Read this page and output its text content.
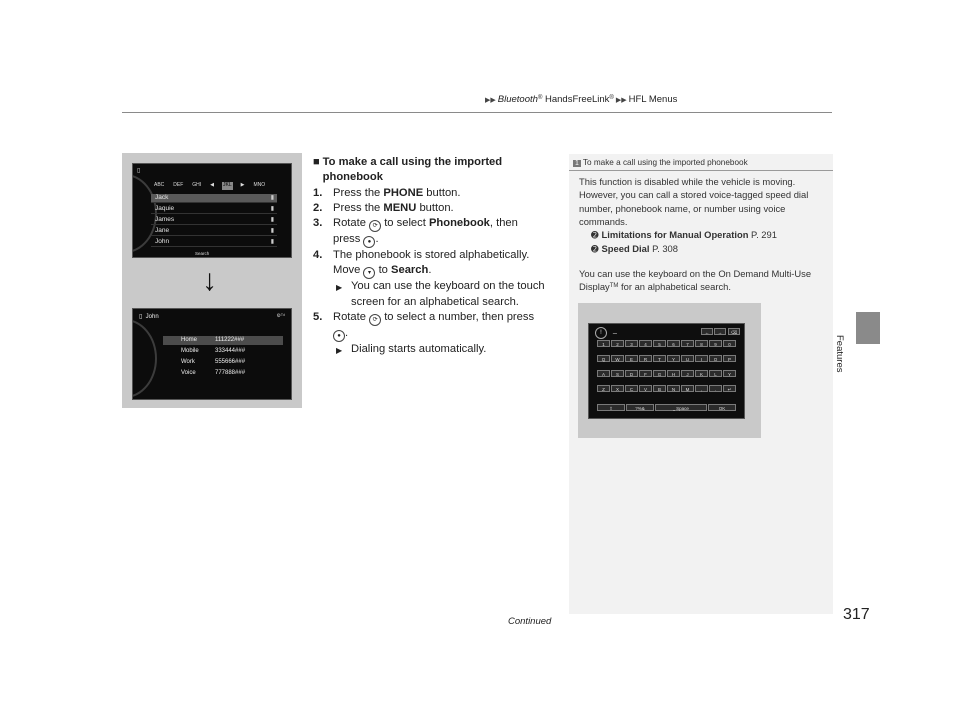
▶▶ Bluetooth® HandsFreeLink® ▶▶ HFL Menus
Features
▯
ABC DEF GHI ◀ JKL ▶ MNO
Jack	▮
Jaquie	▮
James	▮
Jane	▮
John	▮
Search
↓
▯  John	⚙ᵀᵈ
Home	111222###
Mobile	333444###
Work	555666###
Voice	777888###
■ To make a call using the imported phonebook
1. Press the PHONE button.
2. Press the MENU button.
3. Rotate ⟳ to select Phonebook, then
press ● .
4. The phonebook is stored alphabetically.
Move ▾ to Search.
▶ You can use the keyboard on the touch screen for an alphabetical search.
5. Rotate ⟳ to select a number, then press
● .
▶ Dialing starts automatically.
1 To make a call using the imported phonebook
This function is disabled while the vehicle is moving. However, you can call a stored voice-tagged speed dial number, phonebook name, or number using voice commands.
➋ Limitations for Manual Operation P. 291
➋ Speed Dial P. 308
You can use the keyboard on the On Demand Multi-Use Display™ for an alphabetical search.
!	_	←	→	⌫
1	2	3	4	5	6	7	8	9	0
Q	W	E	R	T	Y	U	I	O	P
A	S	D	F	G	H	J	K	L	Y
Z	X	C	V	B	N	M	,	.	↵
⇧	?%&	⎵ Space	OK
Continued	317
